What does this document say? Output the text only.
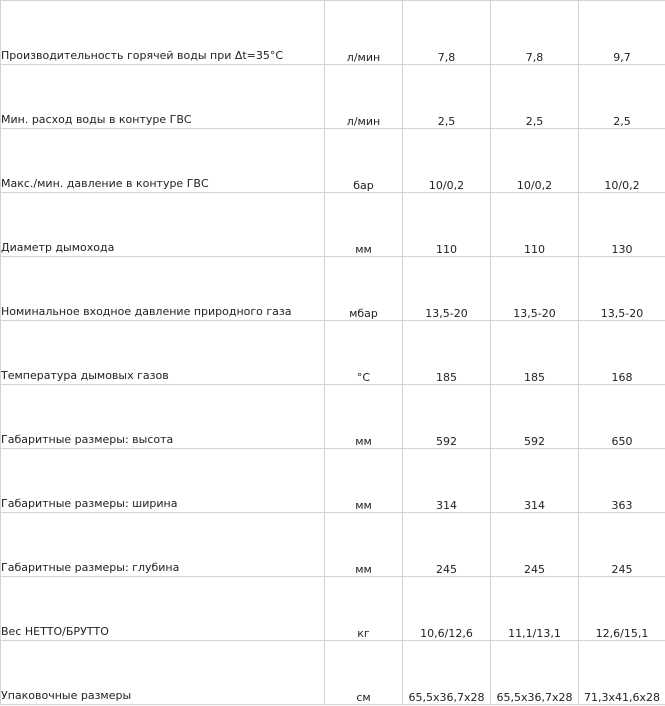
Производительность горячей воды при Δt=35°С	л/мин	7,8	7,8	9,7

Мин. расход воды в контуре ГВС	л/мин	2,5	2,5	2,5

Макс./мин. давление в контуре ГВС	бар	10/0,2	10/0,2	10/0,2

Диаметр дымохода	мм	110	110	130

Номинальное входное давление природного газа	мбар	13,5-20	13,5-20	13,5-20

Температура дымовых газов	°С	185	185	168

Габаритные размеры: высота	мм	592	592	650

Габаритные размеры: ширина	мм	314	314	363

Габаритные размеры: глубина	мм	245	245	245

Вес НЕТТО/БРУТТО	кг	10,6/12,6	11,1/13,1	12,6/15,1

Упаковочные размеры	см	65,5x36,7x28	65,5x36,7x28	71,3x41,6x28
